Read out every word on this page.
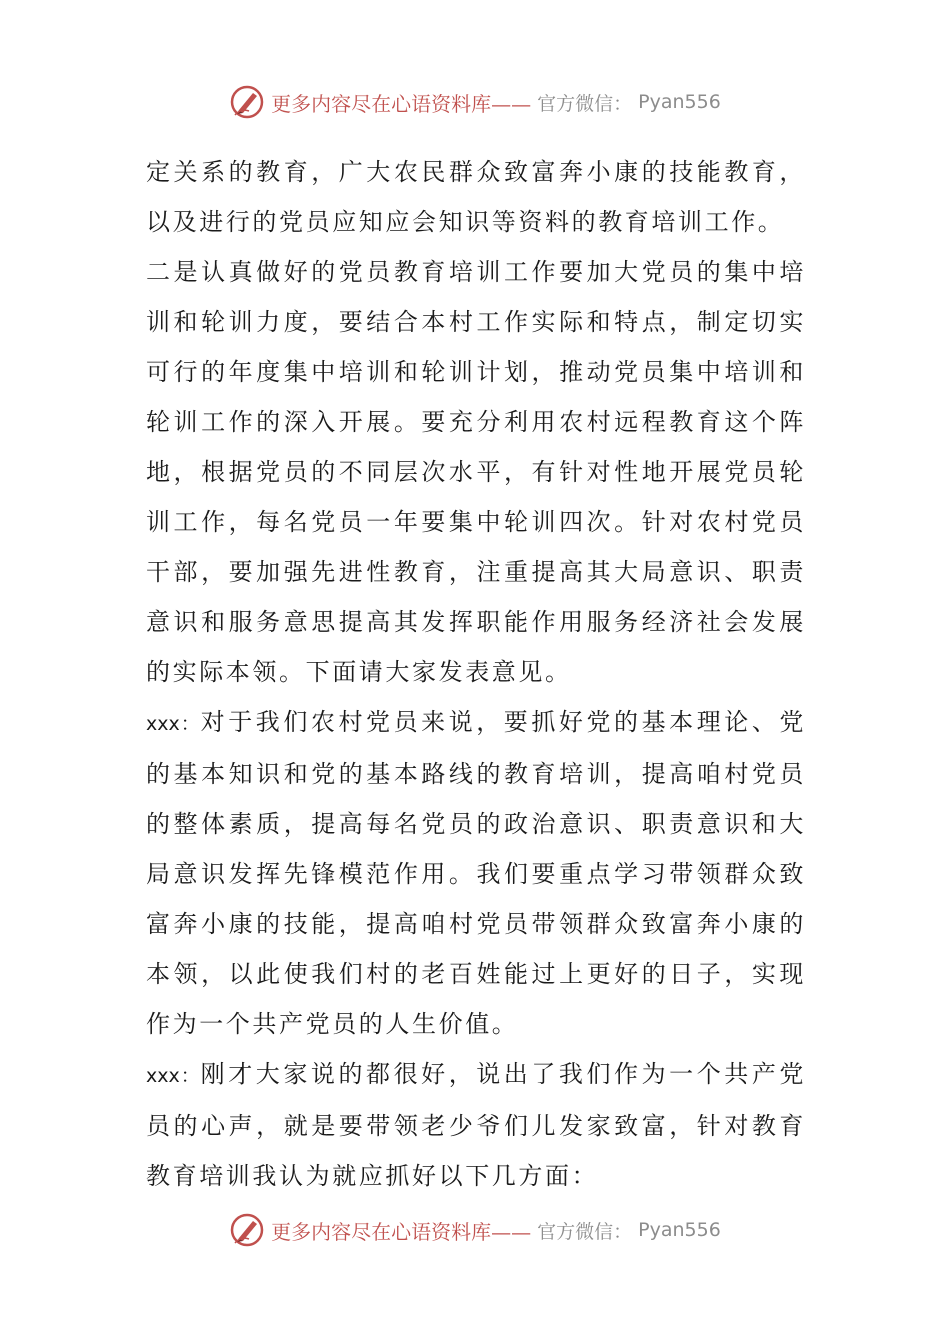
更多内容尽在心语资料库—— 官方微信： Pyan556

定关系的教育，广大农民群众致富奔小康的技能教育，以及进行的党员应知应会知识等资料的教育培训工作。

二是认真做好的党员教育培训工作要加大党员的集中培训和轮训力度，要结合本村工作实际和特点，制定切实可行的年度集中培训和轮训计划，推动党员集中培训和轮训工作的深入开展。要充分利用农村远程教育这个阵地，根据党员的不同层次水平，有针对性地开展党员轮训工作，每名党员一年要集中轮训四次。针对农村党员干部，要加强先进性教育，注重提高其大局意识、职责意识和服务意思提高其发挥职能作用服务经济社会发展的实际本领。下面请大家发表意见。

xxx：对于我们农村党员来说，要抓好党的基本理论、党的基本知识和党的基本路线的教育培训，提高咱村党员的整体素质，提高每名党员的政治意识、职责意识和大局意识发挥先锋模范作用。我们要重点学习带领群众致富奔小康的技能，提高咱村党员带领群众致富奔小康的本领，以此使我们村的老百姓能过上更好的日子，实现作为一个共产党员的人生价值。

xxx：刚才大家说的都很好，说出了我们作为一个共产党员的心声，就是要带领老少爷们儿发家致富，针对教育教育培训我认为就应抓好以下几方面：

更多内容尽在心语资料库—— 官方微信： Pyan556
